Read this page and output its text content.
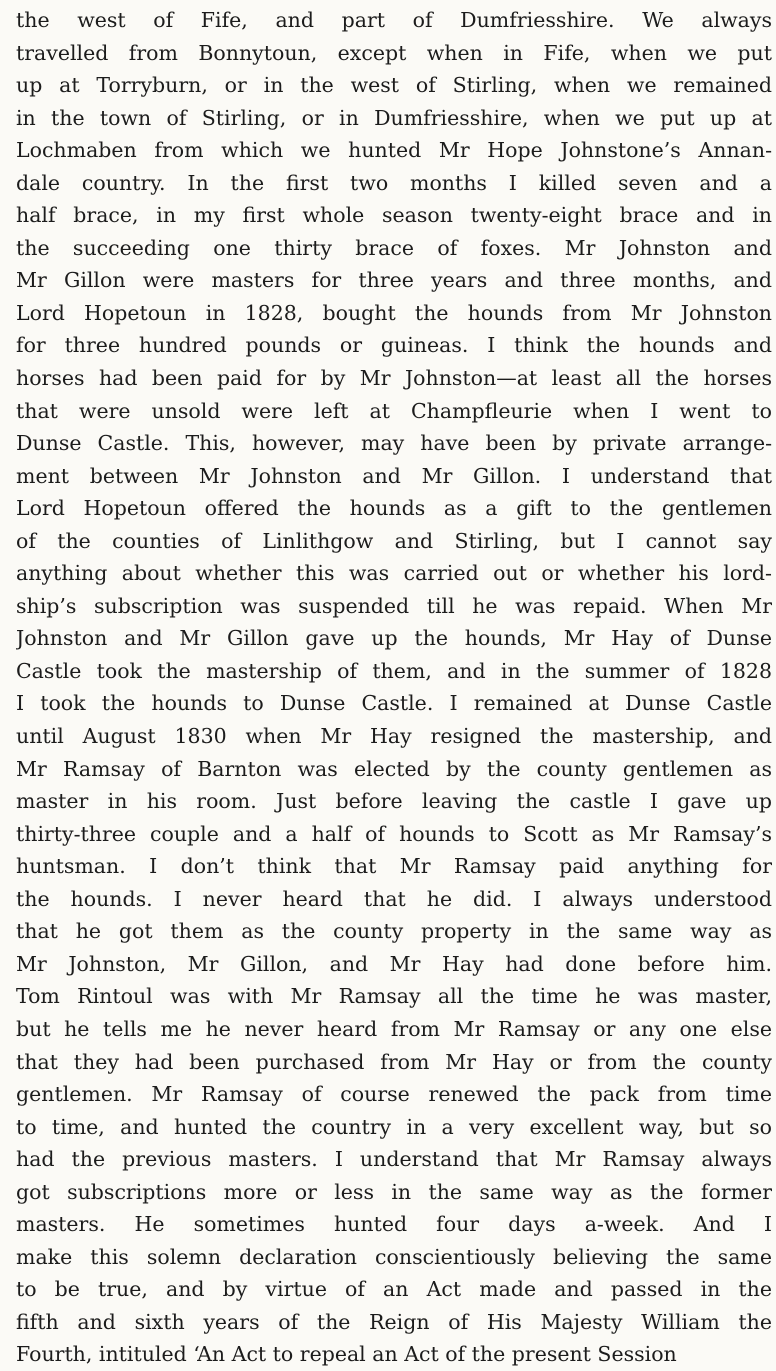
the west of Fife, and part of Dumfriesshire. We always
travelled from Bonnytoun, except when in Fife, when we put
up at Torryburn, or in the west of Stirling, when we remained
in the town of Stirling, or in Dumfriesshire, when we put up at
Lochmaben from which we hunted Mr Hope Johnstone’s Annan-
dale country. In the first two months I killed seven and a
half brace, in my first whole season twenty-eight brace and in
the succeeding one thirty brace of foxes. Mr Johnston and
Mr Gillon were masters for three years and three months, and
Lord Hopetoun in 1828, bought the hounds from Mr Johnston
for three hundred pounds or guineas. I think the hounds and
horses had been paid for by Mr Johnston—at least all the horses
that were unsold were left at Champfleurie when I went to
Dunse Castle. This, however, may have been by private arrange-
ment between Mr Johnston and Mr Gillon. I understand that
Lord Hopetoun offered the hounds as a gift to the gentlemen
of the counties of Linlithgow and Stirling, but I cannot say
anything about whether this was carried out or whether his lord-
ship’s subscription was suspended till he was repaid. When Mr
Johnston and Mr Gillon gave up the hounds, Mr Hay of Dunse
Castle took the mastership of them, and in the summer of 1828
I took the hounds to Dunse Castle. I remained at Dunse Castle
until August 1830 when Mr Hay resigned the mastership, and
Mr Ramsay of Barnton was elected by the county gentlemen as
master in his room. Just before leaving the castle I gave up
thirty-three couple and a half of hounds to Scott as Mr Ramsay’s
huntsman. I don’t think that Mr Ramsay paid anything for
the hounds. I never heard that he did. I always understood
that he got them as the county property in the same way as
Mr Johnston, Mr Gillon, and Mr Hay had done before him.
Tom Rintoul was with Mr Ramsay all the time he was master,
but he tells me he never heard from Mr Ramsay or any one else
that they had been purchased from Mr Hay or from the county
gentlemen. Mr Ramsay of course renewed the pack from time
to time, and hunted the country in a very excellent way, but so
had the previous masters. I understand that Mr Ramsay always
got subscriptions more or less in the same way as the former
masters. He sometimes hunted four days a-week. And I
make this solemn declaration conscientiously believing the same
to be true, and by virtue of an Act made and passed in the
fifth and sixth years of the Reign of His Majesty William the
Fourth, intituled ‘An Act to repeal an Act of the present Session
